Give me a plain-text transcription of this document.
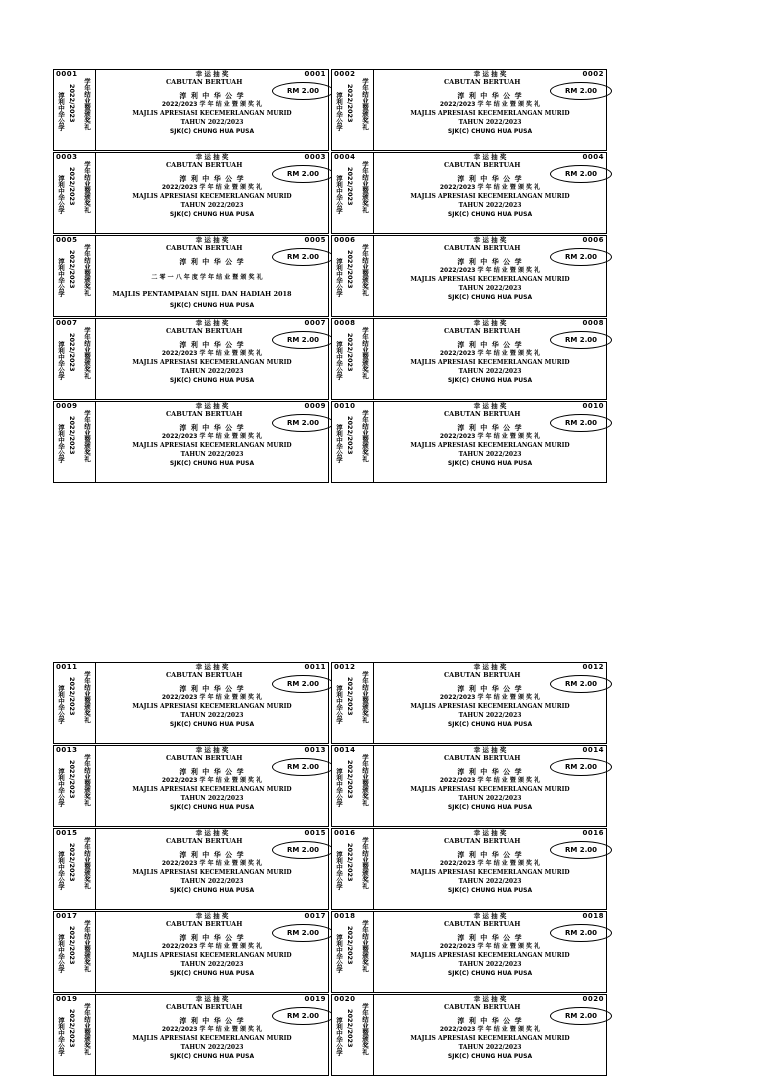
0001
淳利中华公学 2022/2023 学年结业暨颁奖礼
0001
幸 运 抽 奖
CABUTAN BERTUAH
RM 2.00
淳 利 中 华 公 学
2022/2023 学 年 结 业 暨 颁 奖 礼
MAJLIS APRESIASI KECEMERLANGAN MURID
TAHUN 2022/2023
SJK(C) CHUNG HUA PUSA
0002
淳利中华公学 2022/2023 学年结业暨颁奖礼
0002
幸 运 抽 奖
CABUTAN BERTUAH
RM 2.00
淳 利 中 华 公 学
2022/2023 学 年 结 业 暨 颁 奖 礼
MAJLIS APRESIASI KECEMERLANGAN MURID
TAHUN 2022/2023
SJK(C) CHUNG HUA PUSA
0003
淳利中华公学 2022/2023 学年结业暨颁奖礼
0003
幸 运 抽 奖
CABUTAN BERTUAH
RM 2.00
淳 利 中 华 公 学
2022/2023 学 年 结 业 暨 颁 奖 礼
MAJLIS APRESIASI KECEMERLANGAN MURID
TAHUN 2022/2023
SJK(C) CHUNG HUA PUSA
0004
淳利中华公学 2022/2023 学年结业暨颁奖礼
0004
幸 运 抽 奖
CABUTAN BERTUAH
RM 2.00
淳 利 中 华 公 学
2022/2023 学 年 结 业 暨 颁 奖 礼
MAJLIS APRESIASI KECEMERLANGAN MURID
TAHUN 2022/2023
SJK(C) CHUNG HUA PUSA
0005
淳利中华公学 2022/2023 学年结业暨颁奖礼
0005
幸 运 抽 奖
CABUTAN BERTUAH
RM 2.00
淳 利 中 华 公 学
二 零 一 八 年 度 学 年 结 业 暨 颁 奖 礼
MAJLIS PENTAMPAIAN SIJIL DAN HADIAH 2018
SJK(C) CHUNG HUA PUSA
0006
淳利中华公学 2022/2023 学年结业暨颁奖礼
0006
幸 运 抽 奖
CABUTAN BERTUAH
RM 2.00
淳 利 中 华 公 学
2022/2023 学 年 结 业 暨 颁 奖 礼
MAJLIS APRESIASI KECEMERLANGAN MURID
TAHUN 2022/2023
SJK(C) CHUNG HUA PUSA
0007
淳利中华公学 2022/2023 学年结业暨颁奖礼
0007
幸 运 抽 奖
CABUTAN BERTUAH
RM 2.00
淳 利 中 华 公 学
2022/2023 学 年 结 业 暨 颁 奖 礼
MAJLIS APRESIASI KECEMERLANGAN MURID
TAHUN 2022/2023
SJK(C) CHUNG HUA PUSA
0008
淳利中华公学 2022/2023 学年结业暨颁奖礼
0008
幸 运 抽 奖
CABUTAN BERTUAH
RM 2.00
淳 利 中 华 公 学
2022/2023 学 年 结 业 暨 颁 奖 礼
MAJLIS APRESIASI KECEMERLANGAN MURID
TAHUN 2022/2023
SJK(C) CHUNG HUA PUSA
0009
淳利中华公学 2022/2023 学年结业暨颁奖礼
0009
幸 运 抽 奖
CABUTAN BERTUAH
RM 2.00
淳 利 中 华 公 学
2022/2023 学 年 结 业 暨 颁 奖 礼
MAJLIS APRESIASI KECEMERLANGAN MURID
TAHUN 2022/2023
SJK(C) CHUNG HUA PUSA
0010
淳利中华公学 2022/2023 学年结业暨颁奖礼
0010
幸 运 抽 奖
CABUTAN BERTUAH
RM 2.00
淳 利 中 华 公 学
2022/2023 学 年 结 业 暨 颁 奖 礼
MAJLIS APRESIASI KECEMERLANGAN MURID
TAHUN 2022/2023
SJK(C) CHUNG HUA PUSA
0011
淳利中华公学 2022/2023 学年结业暨颁奖礼
0011
幸 运 抽 奖
CABUTAN BERTUAH
RM 2.00
淳 利 中 华 公 学
2022/2023 学 年 结 业 暨 颁 奖 礼
MAJLIS APRESIASI KECEMERLANGAN MURID
TAHUN 2022/2023
SJK(C) CHUNG HUA PUSA
0012
淳利中华公学 2022/2023 学年结业暨颁奖礼
0012
幸 运 抽 奖
CABUTAN BERTUAH
RM 2.00
淳 利 中 华 公 学
2022/2023 学 年 结 业 暨 颁 奖 礼
MAJLIS APRESIASI KECEMERLANGAN MURID
TAHUN 2022/2023
SJK(C) CHUNG HUA PUSA
0013
淳利中华公学 2022/2023 学年结业暨颁奖礼
0013
幸 运 抽 奖
CABUTAN BERTUAH
RM 2.00
淳 利 中 华 公 学
2022/2023 学 年 结 业 暨 颁 奖 礼
MAJLIS APRESIASI KECEMERLANGAN MURID
TAHUN 2022/2023
SJK(C) CHUNG HUA PUSA
0014
淳利中华公学 2022/2023 学年结业暨颁奖礼
0014
幸 运 抽 奖
CABUTAN BERTUAH
RM 2.00
淳 利 中 华 公 学
2022/2023 学 年 结 业 暨 颁 奖 礼
MAJLIS APRESIASI KECEMERLANGAN MURID
TAHUN 2022/2023
SJK(C) CHUNG HUA PUSA
0015
淳利中华公学 2022/2023 学年结业暨颁奖礼
0015
幸 运 抽 奖
CABUTAN BERTUAH
RM 2.00
淳 利 中 华 公 学
2022/2023 学 年 结 业 暨 颁 奖 礼
MAJLIS APRESIASI KECEMERLANGAN MURID
TAHUN 2022/2023
SJK(C) CHUNG HUA PUSA
0016
淳利中华公学 2022/2023 学年结业暨颁奖礼
0016
幸 运 抽 奖
CABUTAN BERTUAH
RM 2.00
淳 利 中 华 公 学
2022/2023 学 年 结 业 暨 颁 奖 礼
MAJLIS APRESIASI KECEMERLANGAN MURID
TAHUN 2022/2023
SJK(C) CHUNG HUA PUSA
0017
淳利中华公学 2022/2023 学年结业暨颁奖礼
0017
幸 运 抽 奖
CABUTAN BERTUAH
RM 2.00
淳 利 中 华 公 学
2022/2023 学 年 结 业 暨 颁 奖 礼
MAJLIS APRESIASI KECEMERLANGAN MURID
TAHUN 2022/2023
SJK(C) CHUNG HUA PUSA
0018
淳利中华公学 2022/2023 学年结业暨颁奖礼
0018
幸 运 抽 奖
CABUTAN BERTUAH
RM 2.00
淳 利 中 华 公 学
2022/2023 学 年 结 业 暨 颁 奖 礼
MAJLIS APRESIASI KECEMERLANGAN MURID
TAHUN 2022/2023
SJK(C) CHUNG HUA PUSA
0019
淳利中华公学 2022/2023 学年结业暨颁奖礼
0019
幸 运 抽 奖
CABUTAN BERTUAH
RM 2.00
淳 利 中 华 公 学
2022/2023 学 年 结 业 暨 颁 奖 礼
MAJLIS APRESIASI KECEMERLANGAN MURID
TAHUN 2022/2023
SJK(C) CHUNG HUA PUSA
0020
淳利中华公学 2022/2023 学年结业暨颁奖礼
0020
幸 运 抽 奖
CABUTAN BERTUAH
RM 2.00
淳 利 中 华 公 学
2022/2023 学 年 结 业 暨 颁 奖 礼
MAJLIS APRESIASI KECEMERLANGAN MURID
TAHUN 2022/2023
SJK(C) CHUNG HUA PUSA
